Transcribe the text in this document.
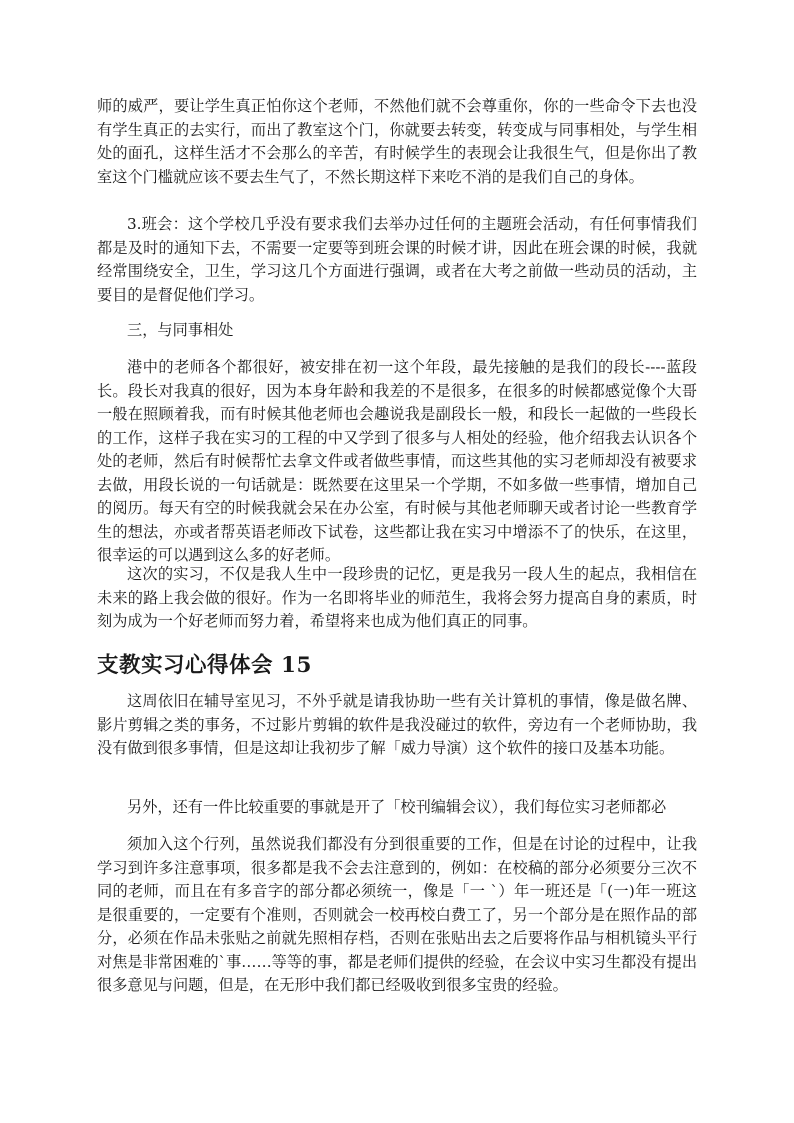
师的威严，要让学生真正怕你这个老师，不然他们就不会尊重你，你的一些命令下去也没有学生真正的去实行，而出了教室这个门，你就要去转变，转变成与同事相处，与学生相处的面孔，这样生活才不会那么的辛苦，有时候学生的表现会让我很生气，但是你出了教室这个门槛就应该不要去生气了，不然长期这样下来吃不消的是我们自己的身体。

3.班会：这个学校几乎没有要求我们去举办过任何的主题班会活动，有任何事情我们都是及时的通知下去，不需要一定要等到班会课的时候才讲，因此在班会课的时候，我就经常围绕安全，卫生，学习这几个方面进行强调，或者在大考之前做一些动员的活动，主要目的是督促他们学习。

三，与同事相处

港中的老师各个都很好，被安排在初一这个年段，最先接触的是我们的段长----蓝段长。段长对我真的很好，因为本身年龄和我差的不是很多，在很多的时候都感觉像个大哥一般在照顾着我，而有时候其他老师也会趣说我是副段长一般，和段长一起做的一些段长的工作，这样子我在实习的工程的中又学到了很多与人相处的经验，他介绍我去认识各个处的老师，然后有时候帮忙去拿文件或者做些事情，而这些其他的实习老师却没有被要求去做，用段长说的一句话就是：既然要在这里呆一个学期，不如多做一些事情，增加自己的阅历。每天有空的时候我就会呆在办公室，有时候与其他老师聊天或者讨论一些教育学生的想法，亦或者帮英语老师改下试卷，这些都让我在实习中增添不了的快乐，在这里，很幸运的可以遇到这么多的好老师。

这次的实习，不仅是我人生中一段珍贵的记忆，更是我另一段人生的起点，我相信在未来的路上我会做的很好。作为一名即将毕业的师范生，我将会努力提高自身的素质，时刻为成为一个好老师而努力着，希望将来也成为他们真正的同事。

支教实习心得体会 15

这周依旧在辅导室见习，不外乎就是请我协助一些有关计算机的事情，像是做名牌、影片剪辑之类的事务，不过影片剪辑的软件是我没碰过的软件，旁边有一个老师协助，我没有做到很多事情，但是这却让我初步了解「威力导演）这个软件的接口及基本功能。

另外，还有一件比较重要的事就是开了「校刊编辑会议），我们每位实习老师都必

须加入这个行列，虽然说我们都没有分到很重要的工作，但是在讨论的过程中，让我学习到许多注意事项，很多都是我不会去注意到的，例如：在校稿的部分必须要分三次不同的老师，而且在有多音字的部分都必须统一，像是「一 `）年一班还是「(一)年一班这是很重要的，一定要有个准则，否则就会一校再校白费工了，另一个部分是在照作品的部分，必须在作品未张贴之前就先照相存档，否则在张贴出去之后要将作品与相机镜头平行对焦是非常困难的`事……等等的事，都是老师们提供的经验，在会议中实习生都没有提出很多意见与问题，但是，在无形中我们都已经吸收到很多宝贵的经验。
